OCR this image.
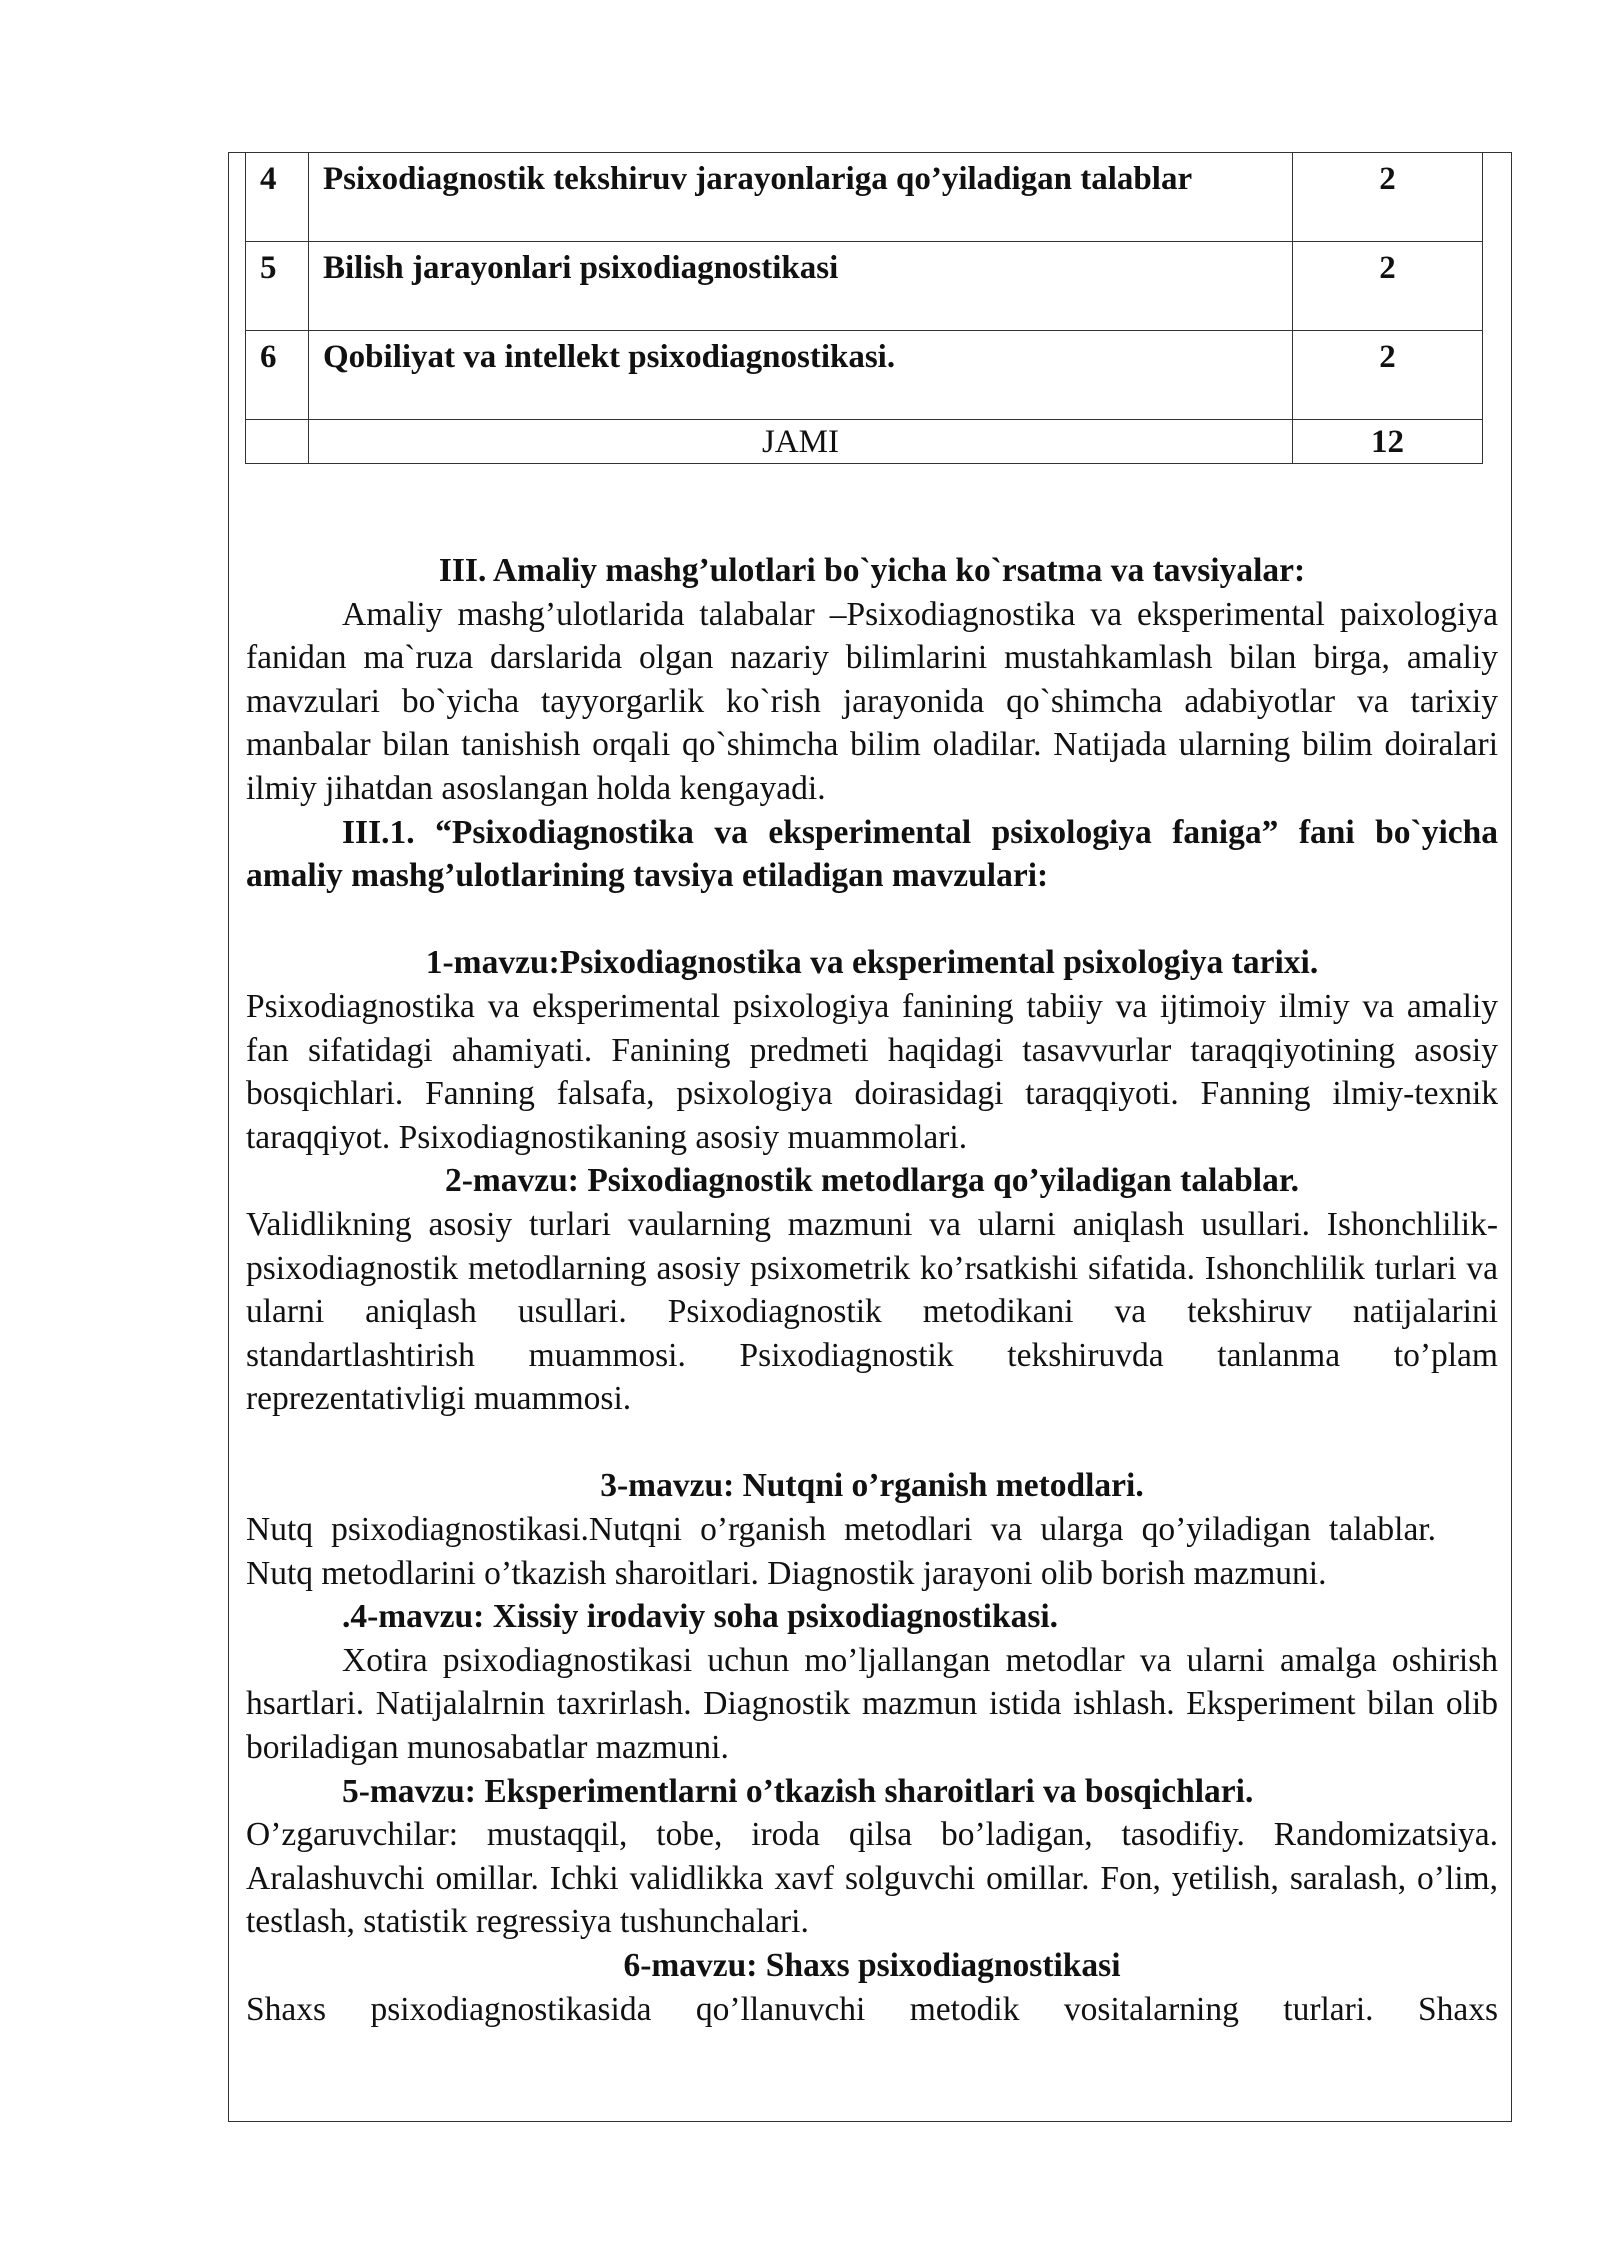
4	Psixodiagnostik tekshiruv jarayonlariga qo’yiladigan talablar	2
5	Bilish jarayonlari psixodiagnostikasi	2
6	Qobiliyat va intellekt psixodiagnostikasi.	2
	JAMI	12

III. Amaliy mashg’ulotlari bo`yicha ko`rsatma va tavsiyalar:

Amaliy mashg’ulotlarida talabalar –Psixodiagnostika va eksperimental paixologiya fanidan ma`ruza darslarida olgan nazariy bilimlarini mustahkamlash bilan birga, amaliy mavzulari bo`yicha tayyorgarlik ko`rish jarayonida qo`shimcha adabiyotlar va tarixiy manbalar bilan tanishish orqali qo`shimcha bilim oladilar. Natijada ularning bilim doiralari ilmiy jihatdan asoslangan holda kengayadi.

III.1. “Psixodiagnostika va eksperimental psixologiya faniga” fani bo`yicha amaliy mashg’ulotlarining tavsiya etiladigan mavzulari:

1-mavzu:Psixodiagnostika va eksperimental psixologiya tarixi.

Psixodiagnostika va eksperimental psixologiya fanining tabiiy va ijtimoiy ilmiy va amaliy fan sifatidagi ahamiyati. Fanining predmeti haqidagi tasavvurlar taraqqiyotining asosiy bosqichlari. Fanning falsafa, psixologiya doirasidagi taraqqiyoti. Fanning ilmiy-texnik taraqqiyot. Psixodiagnostikaning asosiy muammolari.

2-mavzu: Psixodiagnostik metodlarga qo’yiladigan talablar.

Validlikning asosiy turlari vaularning mazmuni va ularni aniqlash usullari. Ishonchlilik-psixodiagnostik metodlarning asosiy psixometrik ko’rsatkishi sifatida. Ishonchlilik turlari va ularni aniqlash usullari. Psixodiagnostik metodikani va tekshiruv natijalarini standartlashtirish muammosi. Psixodiagnostik tekshiruvda tanlanma to’plam reprezentativligi muammosi.

3-mavzu: Nutqni o’rganish metodlari.

Nutq psixodiagnostikasi.Nutqni o’rganish metodlari va ularga qo’yiladigan talablar. Nutq metodlarini o’tkazish sharoitlari. Diagnostik jarayoni olib borish mazmuni.

.4-mavzu: Xissiy irodaviy soha psixodiagnostikasi.

Xotira psixodiagnostikasi uchun mo’ljallangan metodlar va ularni amalga oshirish hsartlari. Natijalalrnin taxrirlash. Diagnostik mazmun istida ishlash. Eksperiment bilan olib boriladigan munosabatlar mazmuni.

5-mavzu: Eksperimentlarni o’tkazish sharoitlari va bosqichlari.

O’zgaruvchilar: mustaqqil, tobe, iroda qilsa bo’ladigan, tasodifiy. Randomizatsiya. Aralashuvchi omillar. Ichki validlikka xavf solguvchi omillar. Fon, yetilish, saralash, o’lim, testlash, statistik regressiya tushunchalari.

6-mavzu: Shaxs psixodiagnostikasi

Shaxs psixodiagnostikasida qo’llanuvchi metodik vositalarning turlari. Shaxs
